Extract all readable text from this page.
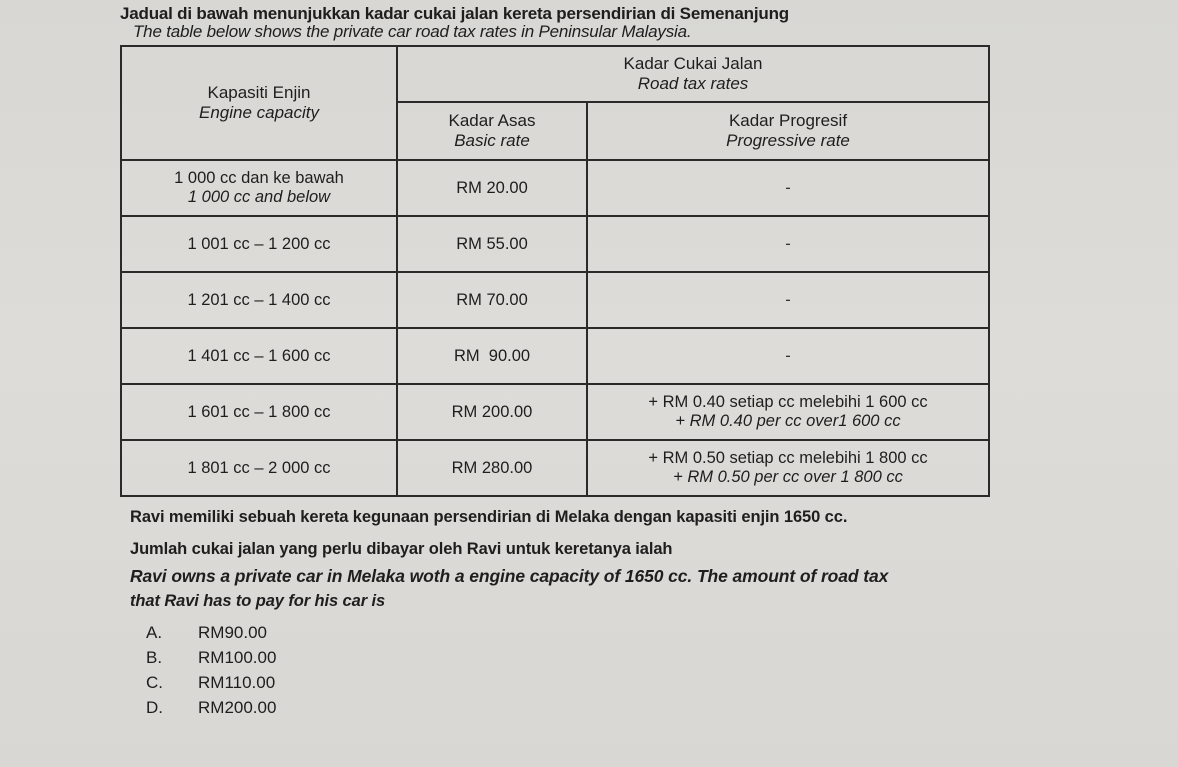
Jadual di bawah menunjukkan kadar cukai jalan kereta persendirian di Semenanjung
The table below shows the private car road tax rates in Peninsular Malaysia.
Kapasiti Enjin
Engine capacity	Kadar Cukai Jalan
Road tax rates	

	Kadar Asas
Basic rate	Kadar Progresif
Progressive rate

1 000 cc dan ke bawah
1 000 cc and below	RM 20.00	-

1 001 cc – 1 200 cc	RM 55.00	-

1 201 cc – 1 400 cc	RM 70.00	-

1 401 cc – 1 600 cc	RM  90.00	-

1 601 cc – 1 800 cc	RM 200.00	+ RM 0.40 setiap cc melebihi 1 600 cc
+ RM 0.40 per cc over1 600 cc

1 801 cc – 2 000 cc	RM 280.00	+ RM 0.50 setiap cc melebihi 1 800 cc
+ RM 0.50 per cc over 1 800 cc
Ravi memiliki sebuah kereta kegunaan persendirian di Melaka dengan kapasiti enjin 1650 cc.
Jumlah cukai jalan yang perlu dibayar oleh Ravi untuk keretanya ialah
Ravi owns a private car in Melaka woth a engine capacity of 1650 cc. The amount of road tax
that Ravi has to pay for his car is
A.	RM90.00
B.	RM100.00
C.	RM110.00
D.	RM200.00
